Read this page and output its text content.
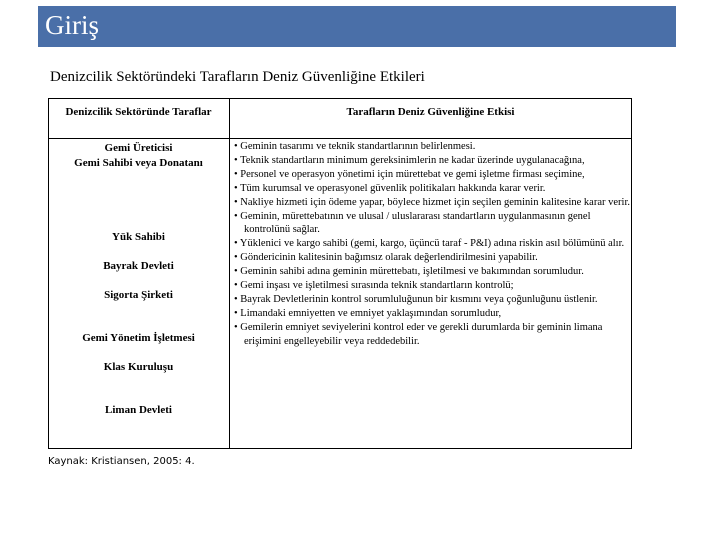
Giriş
Denizcilik Sektöründeki Tarafların Deniz Güvenliğine Etkileri
Denizcilik Sektöründe Taraflar	Tarafların Deniz Güvenliğine Etkisi
Gemi Üreticisi
Gemi Sahibi veya Donatanı
Yük Sahibi
Bayrak Devleti
Sigorta Şirketi
Gemi Yönetim İşletmesi
Klas Kuruluşu
Liman Devleti

• Geminin tasarımı ve teknik standartlarının belirlenmesi.

• Teknik standartların minimum gereksinimlerin ne kadar üzerinde uygulanacağına,

• Personel ve operasyon yönetimi için mürettebat ve gemi işletme firması seçimine,

• Tüm kurumsal ve operasyonel güvenlik politikaları hakkında karar verir.

• Nakliye hizmeti için ödeme yapar, böylece hizmet için seçilen geminin kalitesine karar verir.

• Geminin, mürettebatının ve ulusal / uluslararası standartların uygulanmasının genel kontrolünü sağlar.

• Yüklenici ve kargo sahibi (gemi, kargo, üçüncü taraf - P&I) adına riskin asıl bölümünü alır.

• Göndericinin kalitesinin bağımsız olarak değerlendirilmesini yapabilir.

• Geminin sahibi adına geminin mürettebatı, işletilmesi ve bakımından sorumludur.

• Gemi inşası ve işletilmesi sırasında teknik standartların kontrolü;

• Bayrak Devletlerinin kontrol sorumluluğunun bir kısmını veya çoğunluğunu üstlenir.

• Limandaki emniyetten ve emniyet yaklaşımından sorumludur,

• Gemilerin emniyet seviyelerini kontrol eder ve gerekli durumlarda bir geminin limana erişimini engelleyebilir veya reddedebilir.

Kaynak: Kristiansen, 2005: 4.
